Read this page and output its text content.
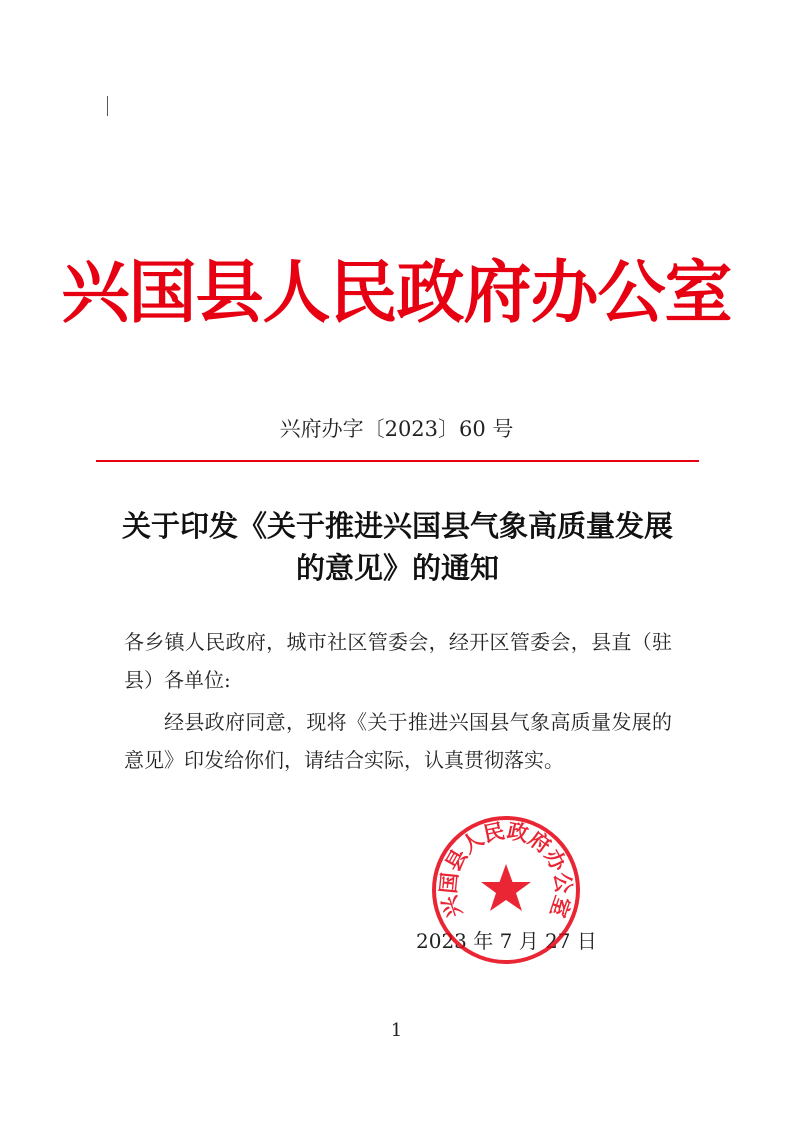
兴国县人民政府办公室
兴府办字〔2023〕60 号
关于印发《关于推进兴国县气象高质量发展
的意见》的通知
各乡镇人民政府，城市社区管委会，经开区管委会，县直（驻县）各单位:
经县政府同意，现将《关于推进兴国县气象高质量发展的意见》印发给你们，请结合实际，认真贯彻落实。
2023 年 7 月 27 日
兴国县人民政府办公室
1
